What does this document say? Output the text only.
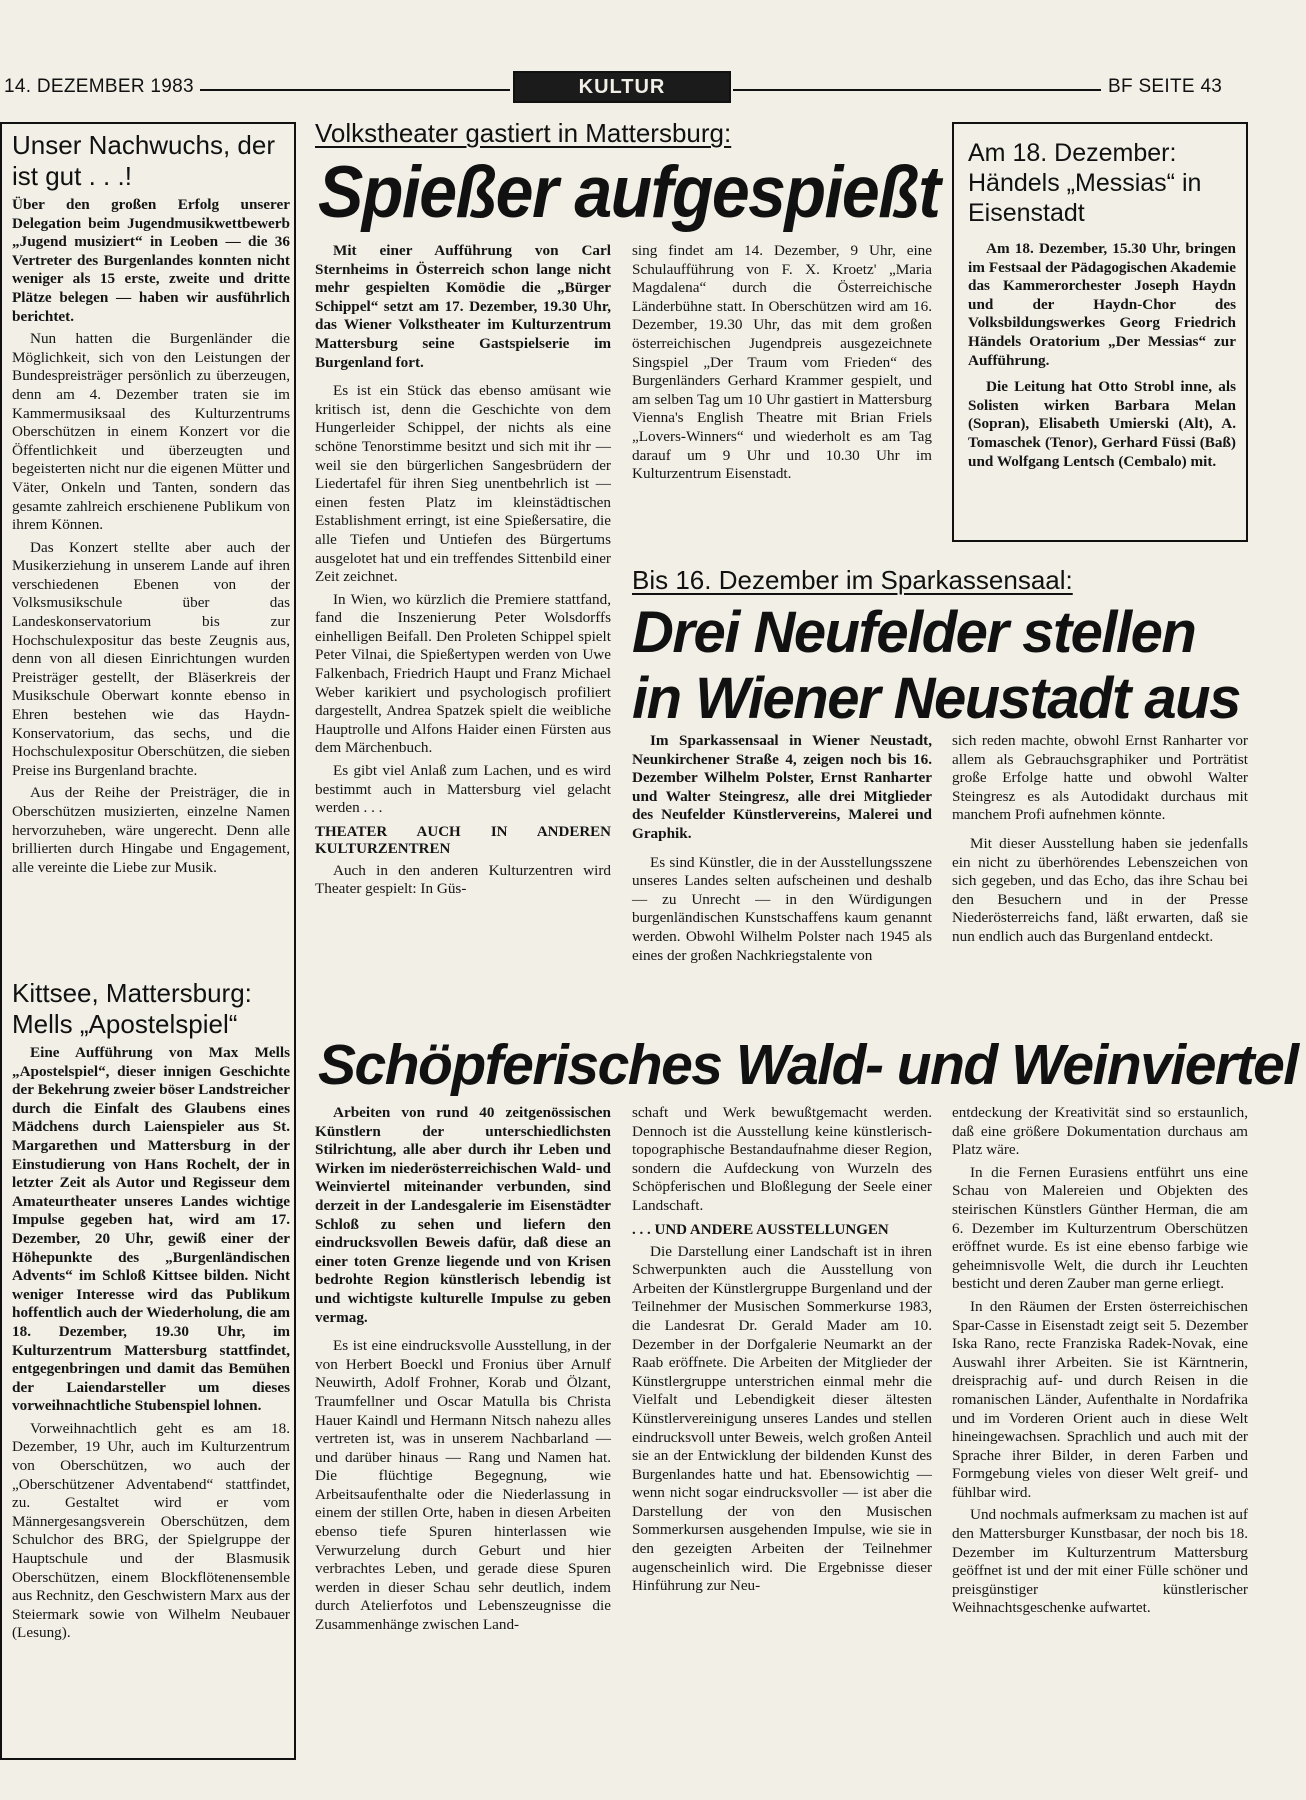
14. DEZEMBER 1983	KULTUR	BF SEITE 43
Unser Nachwuchs, der ist gut . . .!

Über den großen Erfolg unserer Delegation beim Jugendmusikwettbewerb „Jugend musiziert“ in Leoben — die 36 Vertreter des Burgenlandes konnten nicht weniger als 15 erste, zweite und dritte Plätze belegen — haben wir ausführlich berichtet.

Nun hatten die Burgenländer die Möglichkeit, sich von den Leistungen der Bundespreisträger persönlich zu überzeugen, denn am 4. Dezember traten sie im Kammermusiksaal des Kulturzentrums Oberschützen in einem Konzert vor die Öffentlichkeit und überzeugten und begeisterten nicht nur die eigenen Mütter und Väter, Onkeln und Tanten, sondern das gesamte zahlreich erschienene Publikum von ihrem Können.

Das Konzert stellte aber auch der Musikerziehung in unserem Lande auf ihren verschiedenen Ebenen von der Volksmusikschule über das Landeskonservatorium bis zur Hochschulexpositur das beste Zeugnis aus, denn von all diesen Einrichtungen wurden Preisträger gestellt, der Bläserkreis der Musikschule Oberwart konnte ebenso in Ehren bestehen wie das Haydn-Konservatorium, das sechs, und die Hochschulexpositur Oberschützen, die sieben Preise ins Burgenland brachte.

Aus der Reihe der Preisträger, die in Oberschützen musizierten, einzelne Namen hervorzuheben, wäre ungerecht. Denn alle brillierten durch Hingabe und Engagement, alle vereinte die Liebe zur Musik.

Kittsee, Mattersburg: Mells „Apostelspiel“

Eine Aufführung von Max Mells „Apostelspiel“, dieser innigen Geschichte der Bekehrung zweier böser Landstreicher durch die Einfalt des Glaubens eines Mädchens durch Laienspieler aus St. Margarethen und Mattersburg in der Einstudierung von Hans Rochelt, der in letzter Zeit als Autor und Regisseur dem Amateurtheater unseres Landes wichtige Impulse gegeben hat, wird am 17. Dezember, 20 Uhr, gewiß einer der Höhepunkte des „Burgenländischen Advents“ im Schloß Kittsee bilden. Nicht weniger Interesse wird das Publikum hoffentlich auch der Wiederholung, die am 18. Dezember, 19.30 Uhr, im Kulturzentrum Mattersburg stattfindet, entgegenbringen und damit das Bemühen der Laiendarsteller um dieses vorweihnachtliche Stubenspiel lohnen.

Vorweihnachtlich geht es am 18. Dezember, 19 Uhr, auch im Kulturzentrum von Oberschützen, wo auch der „Oberschützener Adventabend“ stattfindet, zu. Gestaltet wird er vom Männergesangsverein Oberschützen, dem Schulchor des BRG, der Spielgruppe der Hauptschule und der Blasmusik Oberschützen, einem Blockflötenensemble aus Rechnitz, den Geschwistern Marx aus der Steiermark sowie von Wilhelm Neubauer (Lesung).

Volkstheater gastiert in Mattersburg:
Spießer aufgespießt

Mit einer Aufführung von Carl Sternheims in Österreich schon lange nicht mehr gespielten Komödie die „Bürger Schippel“ setzt am 17. Dezember, 19.30 Uhr, das Wiener Volkstheater im Kulturzentrum Mattersburg seine Gastspielserie im Burgenland fort.

Es ist ein Stück das ebenso amüsant wie kritisch ist, denn die Geschichte von dem Hungerleider Schippel, der nichts als eine schöne Tenorstimme besitzt und sich mit ihr — weil sie den bürgerlichen Sangesbrüdern der Liedertafel für ihren Sieg unentbehrlich ist — einen festen Platz im kleinstädtischen Establishment erringt, ist eine Spießersatire, die alle Tiefen und Untiefen des Bürgertums ausgelotet hat und ein treffendes Sittenbild einer Zeit zeichnet.

In Wien, wo kürzlich die Premiere stattfand, fand die Inszenierung Peter Wolsdorffs einhelligen Beifall. Den Proleten Schippel spielt Peter Vilnai, die Spießertypen werden von Uwe Falkenbach, Friedrich Haupt und Franz Michael Weber karikiert und psychologisch profiliert dargestellt, Andrea Spatzek spielt die weibliche Hauptrolle und Alfons Haider einen Fürsten aus dem Märchenbuch.

Es gibt viel Anlaß zum Lachen, und es wird bestimmt auch in Mattersburg viel gelacht werden . . .

THEATER AUCH IN ANDEREN KULTURZENTREN

Auch in den anderen Kulturzentren wird Theater gespielt: In Güs-

sing findet am 14. Dezember, 9 Uhr, eine Schulaufführung von F. X. Kroetz' „Maria Magdalena“ durch die Österreichische Länderbühne statt. In Oberschützen wird am 16. Dezember, 19.30 Uhr, das mit dem großen österreichischen Jugendpreis ausgezeichnete Singspiel „Der Traum vom Frieden“ des Burgenländers Gerhard Krammer gespielt, und am selben Tag um 10 Uhr gastiert in Mattersburg Vienna's English Theatre mit Brian Friels „Lovers-Winners“ und wiederholt es am Tag darauf um 9 Uhr und 10.30 Uhr im Kulturzentrum Eisenstadt.

Am 18. Dezember: Händels „Messias“ in Eisenstadt

Am 18. Dezember, 15.30 Uhr, bringen im Festsaal der Pädagogischen Akademie das Kammerorchester Joseph Haydn und der Haydn-Chor des Volksbildungswerkes Georg Friedrich Händels Oratorium „Der Messias“ zur Aufführung.

Die Leitung hat Otto Strobl inne, als Solisten wirken Barbara Melan (Sopran), Elisabeth Umierski (Alt), A. Tomaschek (Tenor), Gerhard Füssi (Baß) und Wolfgang Lentsch (Cembalo) mit.

Bis 16. Dezember im Sparkassensaal:
Drei Neufelder stellen
in Wiener Neustadt aus

Im Sparkassensaal in Wiener Neustadt, Neunkirchener Straße 4, zeigen noch bis 16. Dezember Wilhelm Polster, Ernst Ranharter und Walter Steingresz, alle drei Mitglieder des Neufelder Künstlervereins, Malerei und Graphik.

Es sind Künstler, die in der Ausstellungsszene unseres Landes selten aufscheinen und deshalb — zu Unrecht — in den Würdigungen burgenländischen Kunstschaffens kaum genannt werden. Obwohl Wilhelm Polster nach 1945 als eines der großen Nachkriegstalente von

sich reden machte, obwohl Ernst Ranharter vor allem als Gebrauchsgraphiker und Porträtist große Erfolge hatte und obwohl Walter Steingresz es als Autodidakt durchaus mit manchem Profi aufnehmen könnte.

Mit dieser Ausstellung haben sie jedenfalls ein nicht zu überhörendes Lebenszeichen von sich gegeben, und das Echo, das ihre Schau bei den Besuchern und in der Presse Niederösterreichs fand, läßt erwarten, daß sie nun endlich auch das Burgenland entdeckt.

Schöpferisches Wald- und Weinviertel

Arbeiten von rund 40 zeitgenössischen Künstlern der unterschiedlichsten Stilrichtung, alle aber durch ihr Leben und Wirken im niederösterreichischen Wald- und Weinviertel miteinander verbunden, sind derzeit in der Landesgalerie im Eisenstädter Schloß zu sehen und liefern den eindrucksvollen Beweis dafür, daß diese an einer toten Grenze liegende und von Krisen bedrohte Region künstlerisch lebendig ist und wichtigste kulturelle Impulse zu geben vermag.

Es ist eine eindrucksvolle Ausstellung, in der von Herbert Boeckl und Fronius über Arnulf Neuwirth, Adolf Frohner, Korab und Ölzant, Traumfellner und Oscar Matulla bis Christa Hauer Kaindl und Hermann Nitsch nahezu alles vertreten ist, was in unserem Nachbarland — und darüber hinaus — Rang und Namen hat. Die flüchtige Begegnung, wie Arbeitsaufenthalte oder die Niederlassung in einem der stillen Orte, haben in diesen Arbeiten ebenso tiefe Spuren hinterlassen wie Verwurzelung durch Geburt und hier verbrachtes Leben, und gerade diese Spuren werden in dieser Schau sehr deutlich, indem durch Atelierfotos und Lebenszeugnisse die Zusammenhänge zwischen Land-

schaft und Werk bewußtgemacht werden. Dennoch ist die Ausstellung keine künstlerisch-topographische Bestandaufnahme dieser Region, sondern die Aufdeckung von Wurzeln des Schöpferischen und Bloßlegung der Seele einer Landschaft.

. . . UND ANDERE AUSSTELLUNGEN

Die Darstellung einer Landschaft ist in ihren Schwerpunkten auch die Ausstellung von Arbeiten der Künstlergruppe Burgenland und der Teilnehmer der Musischen Sommerkurse 1983, die Landesrat Dr. Gerald Mader am 10. Dezember in der Dorfgalerie Neumarkt an der Raab eröffnete. Die Arbeiten der Mitglieder der Künstlergruppe unterstrichen einmal mehr die Vielfalt und Lebendigkeit dieser ältesten Künstlervereinigung unseres Landes und stellen eindrucksvoll unter Beweis, welch großen Anteil sie an der Entwicklung der bildenden Kunst des Burgenlandes hatte und hat. Ebensowichtig — wenn nicht sogar eindrucksvoller — ist aber die Darstellung der von den Musischen Sommerkursen ausgehenden Impulse, wie sie in den gezeigten Arbeiten der Teilnehmer augenscheinlich wird. Die Ergebnisse dieser Hinführung zur Neu-

entdeckung der Kreativität sind so erstaunlich, daß eine größere Dokumentation durchaus am Platz wäre.

In die Fernen Eurasiens entführt uns eine Schau von Malereien und Objekten des steirischen Künstlers Günther Herman, die am 6. Dezember im Kulturzentrum Oberschützen eröffnet wurde. Es ist eine ebenso farbige wie geheimnisvolle Welt, die durch ihr Leuchten besticht und deren Zauber man gerne erliegt.

In den Räumen der Ersten österreichischen Spar-Casse in Eisenstadt zeigt seit 5. Dezember Iska Rano, recte Franziska Radek-Novak, eine Auswahl ihrer Arbeiten. Sie ist Kärntnerin, dreisprachig auf- und durch Reisen in die romanischen Länder, Aufenthalte in Nordafrika und im Vorderen Orient auch in diese Welt hineingewachsen. Sprachlich und auch mit der Sprache ihrer Bilder, in deren Farben und Formgebung vieles von dieser Welt greif- und fühlbar wird.

Und nochmals aufmerksam zu machen ist auf den Mattersburger Kunstbasar, der noch bis 18. Dezember im Kulturzentrum Mattersburg geöffnet ist und der mit einer Fülle schöner und preisgünstiger künstlerischer Weihnachtsgeschenke aufwartet.
